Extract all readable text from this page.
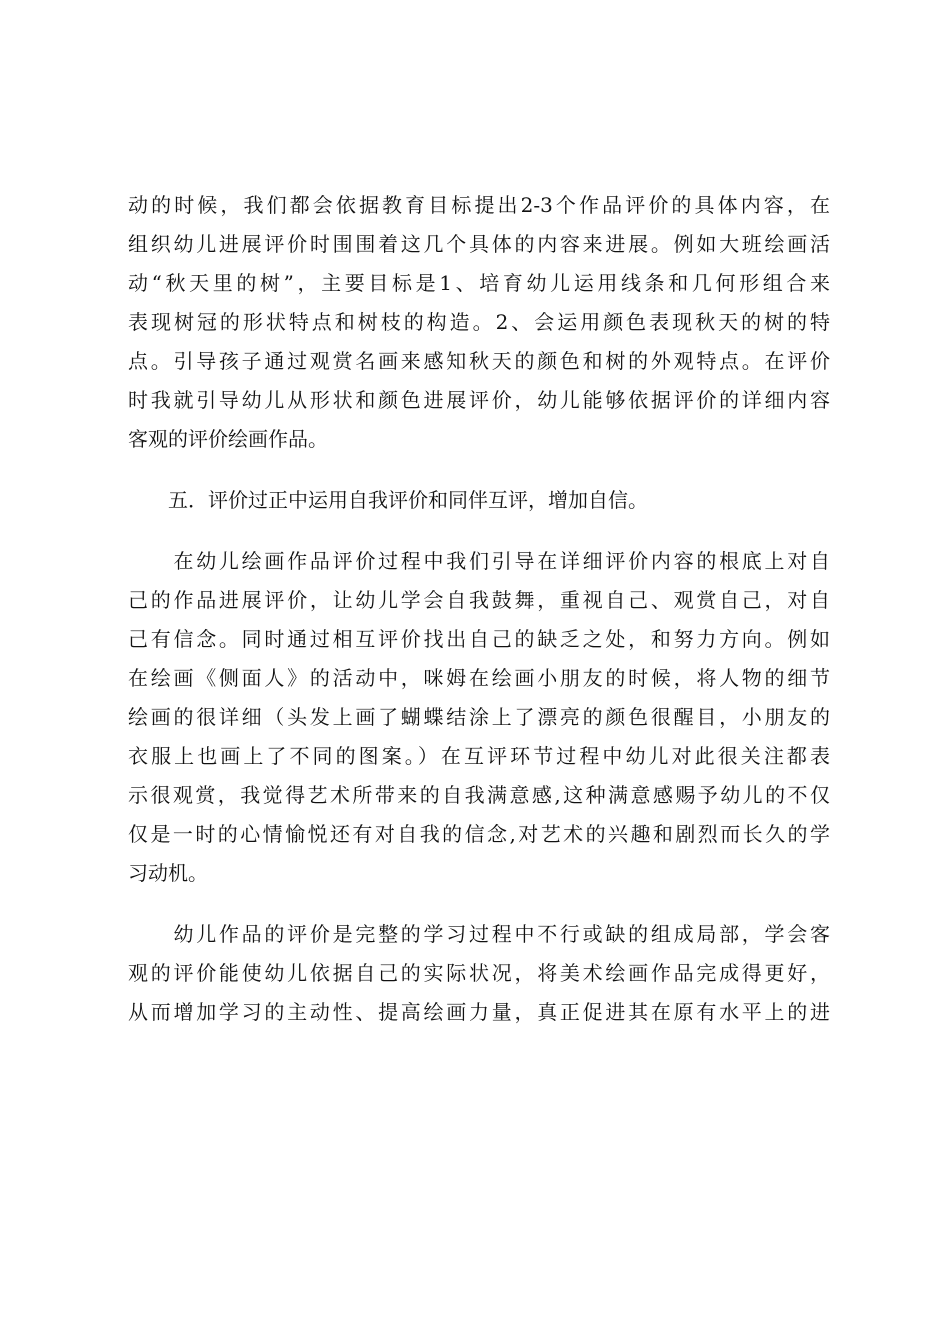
动的时候，我们都会依据教育目标提出2-3个作品评价的具体内容，在
组织幼儿进展评价时围围着这几个具体的内容来进展。例如大班绘画活
动“秋天里的树”，主要目标是1、培育幼儿运用线条和几何形组合来
表现树冠的形状特点和树枝的构造。2、会运用颜色表现秋天的树的特
点。引导孩子通过观赏名画来感知秋天的颜色和树的外观特点。在评价
时我就引导幼儿从形状和颜色进展评价，幼儿能够依据评价的详细内容
客观的评价绘画作品。
　　五．评价过正中运用自我评价和同伴互评，增加自信。
　　在幼儿绘画作品评价过程中我们引导在详细评价内容的根底上对自
己的作品进展评价，让幼儿学会自我鼓舞，重视自己、观赏自己，对自
己有信念。同时通过相互评价找出自己的缺乏之处，和努力方向。例如
在绘画《侧面人》的活动中，咪姆在绘画小朋友的时候，将人物的细节
绘画的很详细（头发上画了蝴蝶结涂上了漂亮的颜色很醒目，小朋友的
衣服上也画上了不同的图案。）在互评环节过程中幼儿对此很关注都表
示很观赏，我觉得艺术所带来的自我满意感,这种满意感赐予幼儿的不仅
仅是一时的心情愉悦还有对自我的信念,对艺术的兴趣和剧烈而长久的学
习动机。
　　幼儿作品的评价是完整的学习过程中不行或缺的组成局部，学会客
观的评价能使幼儿依据自己的实际状况，将美术绘画作品完成得更好，
从而增加学习的主动性、提高绘画力量，真正促进其在原有水平上的进
